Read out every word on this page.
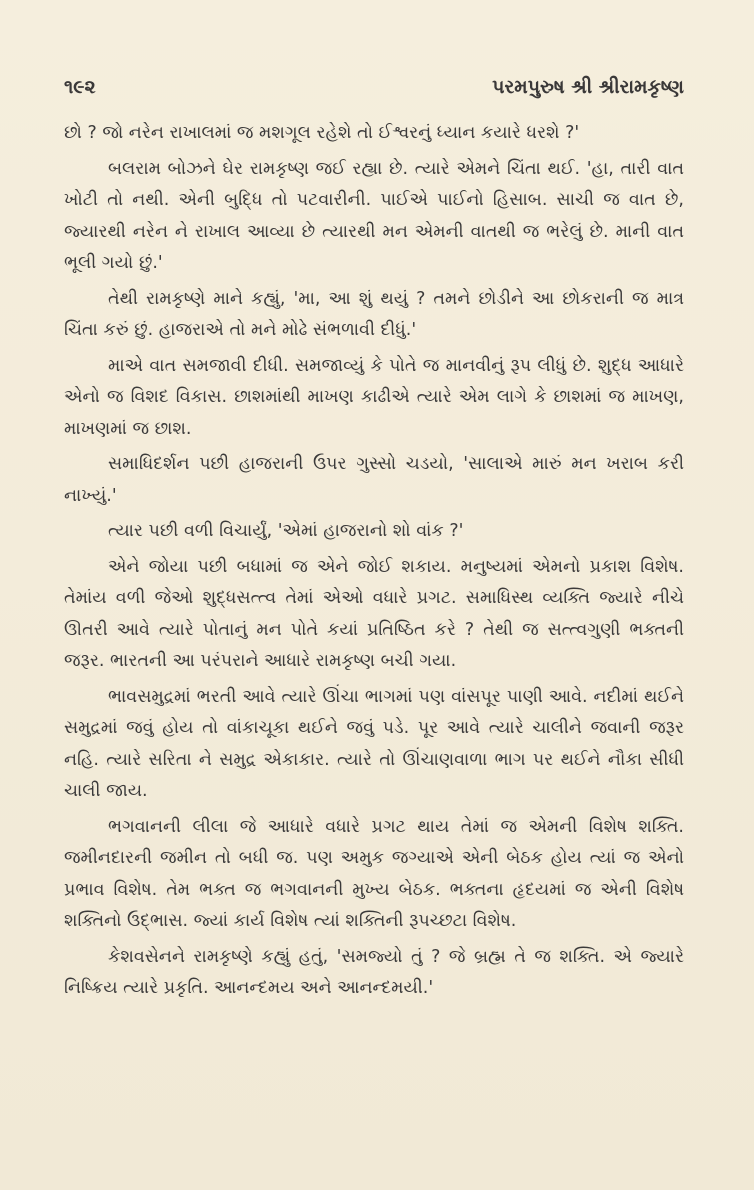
૧૯૨	પરમપુરુષ શ્રી શ્રીરામકૃષ્ણ

છો ? જો નરેન રાખાલમાં જ મશગૂલ રહેશે તો ઈશ્વરનું ધ્યાન કયારે ધરશે ?'

બલરામ બોઝને ઘેર રામકૃષ્ણ જઈ રહ્યા છે. ત્યારે એમને ચિંતા થઈ. 'હા, તારી વાત ખોટી તો નથી. એની બુદ્ધિ તો પટવારીની. પાઈએ પાઈનો હિસાબ. સાચી જ વાત છે, જ્યારથી નરેન ને રાખાલ આવ્યા છે ત્યારથી મન એમની વાતથી જ ભરેલું છે. માની વાત ભૂલી ગયો છું.'

તેથી રામકૃષ્ણે માને કહ્યું, 'મા, આ શું થયું ? તમને છોડીને આ છોકરાની જ માત્ર ચિંતા કરું છું. હાજરાએ તો મને મોઢે સંભળાવી દીધું.'

માએ વાત સમજાવી દીધી. સમજાવ્યું કે પોતે જ માનવીનું રૂપ લીધું છે. શુદ્ધ આધારે એનો જ વિશદ વિકાસ. છાશમાંથી માખણ કાઢીએ ત્યારે એમ લાગે કે છાશમાં જ માખણ, માખણમાં જ છાશ.

સમાધિદર્શન પછી હાજરાની ઉપર ગુસ્સો ચડયો, 'સાલાએ મારું મન ખરાબ કરી નાખ્યું.'

ત્યાર પછી વળી વિચાર્યું, 'એમાં હાજરાનો શો વાંક ?'

એને જોયા પછી બધામાં જ એને જોઈ શકાય. મનુષ્યમાં એમનો પ્રકાશ વિશેષ. તેમાંય વળી જેઓ શુદ્ધસત્ત્વ તેમાં એઓ વધારે પ્રગટ. સમાધિસ્થ વ્યક્તિ જ્યારે નીચે ઊતરી આવે ત્યારે પોતાનું મન પોતે કયાં પ્રતિષ્ઠિત કરે ? તેથી જ સત્ત્વગુણી ભક્તની જરૂર. ભારતની આ પરંપરાને આધારે રામકૃષ્ણ બચી ગયા.

ભાવસમુદ્રમાં ભરતી આવે ત્યારે ઊંચા ભાગમાં પણ વાંસપૂર પાણી આવે. નદીમાં થઈને સમુદ્રમાં જવું હોય તો વાંકાચૂકા થઈને જવું પડે. પૂર આવે ત્યારે ચાલીને જવાની જરૂર નહિ. ત્યારે સરિતા ને સમુદ્ર એકાકાર. ત્યારે તો ઊંચાણવાળા ભાગ પર થઈને નૌકા સીધી ચાલી જાય.

ભગવાનની લીલા જે આધારે વધારે પ્રગટ થાય તેમાં જ એમની વિશેષ શક્તિ. જમીનદારની જમીન તો બધી જ. પણ અમુક જગ્યાએ એની બેઠક હોય ત્યાં જ એનો પ્રભાવ વિશેષ. તેમ ભક્ત જ ભગવાનની મુખ્ય બેઠક. ભક્તના હૃદયમાં જ એની વિશેષ શક્તિનો ઉદ્‌ભાસ. જ્યાં કાર્ય વિશેષ ત્યાં શક્તિની રૂપચ્છટા વિશેષ.

કેશવસેનને રામકૃષ્ણે કહ્યું હતું, 'સમજ્યો તું ? જે બ્રહ્મ તે જ શક્તિ. એ જ્યારે નિષ્ક્રિય ત્યારે પ્રકૃતિ. આનન્દમય અને આનન્દમયી.'
